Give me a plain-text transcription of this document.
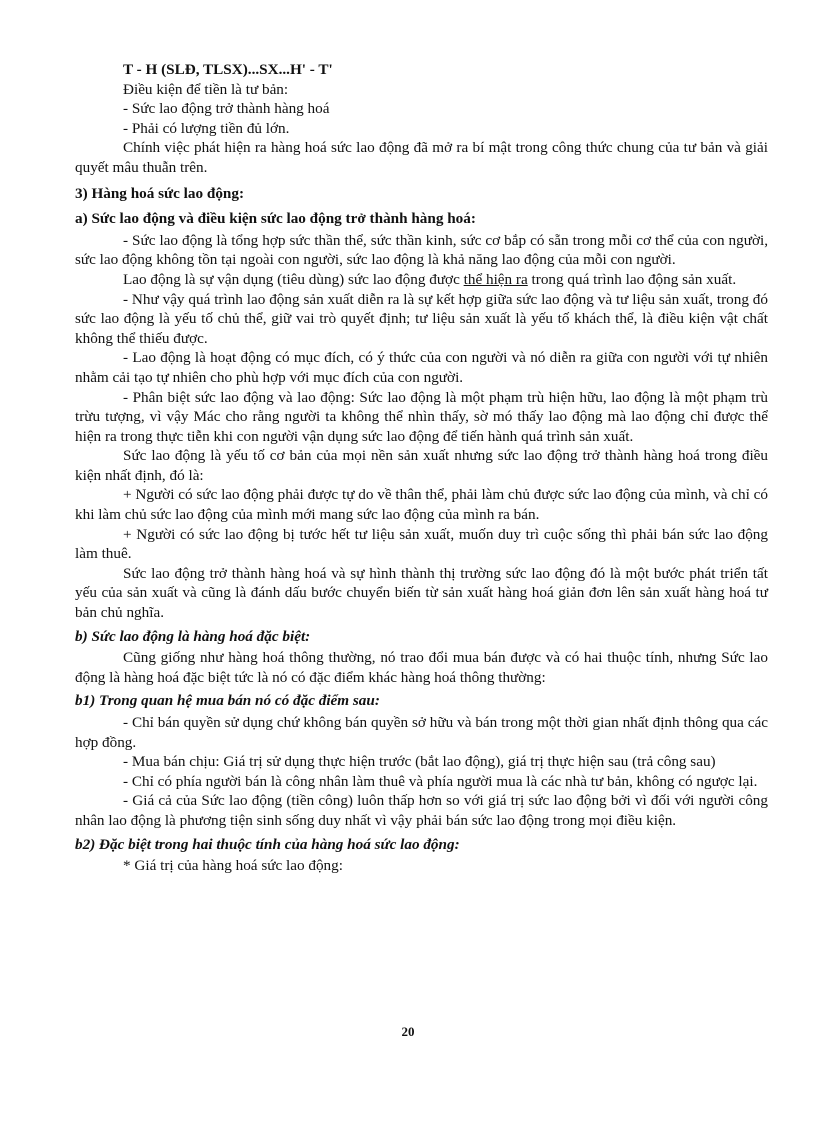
T - H (SLĐ, TLSX)...SX...H' - T'

Điều kiện để tiền là tư bản:

- Sức lao động trở thành hàng hoá

- Phải có lượng tiền đủ lớn.

Chính việc phát hiện ra hàng hoá sức lao động đã mở ra bí mật trong công thức chung của tư bản và giải quyết mâu thuẫn trên.

3) Hàng hoá sức lao động:

a) Sức lao động và điều kiện sức lao động trở thành hàng hoá:

- Sức lao động là tổng hợp sức thần thể, sức thần kinh, sức cơ bắp có sẵn trong mỗi cơ thể của con người, sức lao động không tồn tại ngoài con người, sức lao động là khả năng lao động của mỗi con người.

Lao động là sự vận dụng (tiêu dùng) sức lao động được thể hiện ra trong quá trình lao động sản xuất.

- Như vậy quá trình lao động sản xuất diễn ra là sự kết hợp giữa sức lao động và tư liệu sản xuất, trong đó sức lao động là yếu tố chủ thể, giữ vai trò quyết định; tư liệu sản xuất là yếu tố khách thể, là điều kiện vật chất không thể thiếu được.

- Lao động là hoạt động có mục đích, có ý thức của con người và nó diễn ra giữa con người với tự nhiên nhằm cải tạo tự nhiên cho phù hợp với mục đích của con người.

- Phân biệt sức lao động và lao động: Sức lao động là một phạm trù hiện hữu, lao động là một phạm trù trừu tượng, vì vậy Mác cho rằng người ta không thể nhìn thấy, sờ mó thấy lao động mà lao động chỉ được thể hiện ra trong thực tiễn khi con người vận dụng sức lao động để tiến hành quá trình sản xuất.

Sức lao động là yếu tố cơ bản của mọi nền sản xuất nhưng sức lao động trở thành hàng hoá trong điều kiện nhất định, đó là:

+ Người có sức lao động phải được tự do về thân thể, phải làm chủ được sức lao động của mình, và chỉ có khi làm chủ sức lao động của mình mới mang sức lao động của mình ra bán.

+ Người có sức lao động bị tước hết tư liệu sản xuất, muốn duy trì cuộc sống thì phải bán sức lao động làm thuê.

Sức lao động trở thành hàng hoá và sự hình thành thị trường sức lao động đó là một bước phát triển tất yếu của sản xuất và cũng là đánh dấu bước chuyển biến từ sản xuất hàng hoá giản đơn lên sản xuất hàng hoá tư bản chủ nghĩa.

b) Sức lao động là hàng hoá đặc biệt:

Cũng giống như hàng hoá thông thường, nó trao đổi mua bán được và có hai thuộc tính, nhưng Sức lao động là hàng hoá đặc biệt tức là nó có đặc điểm khác hàng hoá thông thường:

b1) Trong quan hệ mua bán nó có đặc điểm sau:

- Chỉ bán quyền sử dụng chứ không bán quyền sở hữu và bán trong một thời gian nhất định thông qua các hợp đồng.

- Mua bán chịu: Giá trị sử dụng thực hiện trước (bắt lao động), giá trị thực hiện sau (trả công sau)

- Chỉ có phía người bán là công nhân làm thuê và phía người mua là các nhà tư bản, không có ngược lại.

- Giá cả của Sức lao động (tiền công) luôn thấp hơn so với giá trị sức lao động bởi vì đối với người công nhân lao động là phương tiện sinh sống duy nhất vì vậy phải bán sức lao động trong mọi điều kiện.

b2) Đặc biệt trong hai thuộc tính của hàng hoá sức lao động:

* Giá trị của hàng hoá sức lao động:

20
